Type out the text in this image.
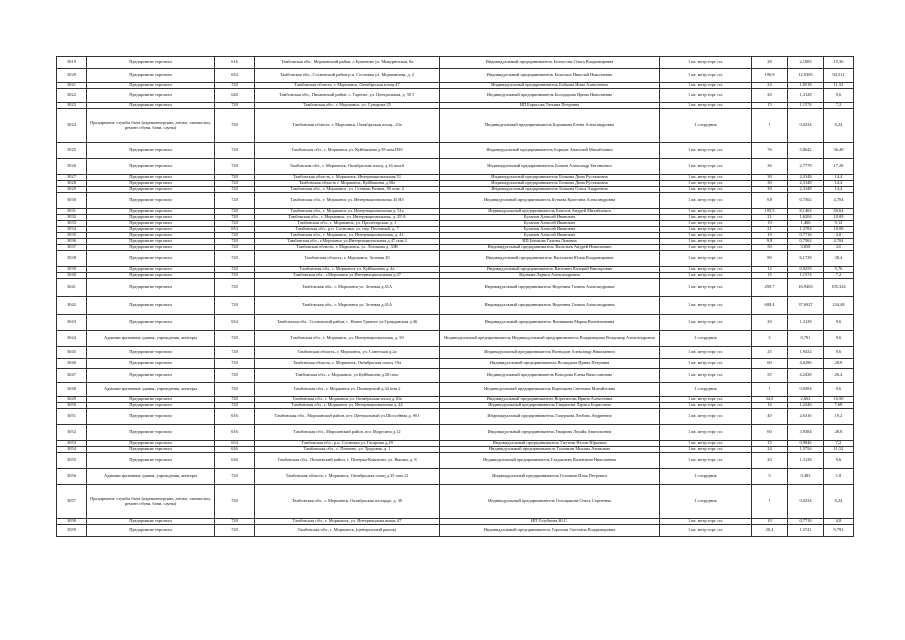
3019	Предприятие торговли	616	Тамбовская обл., Моршанский район, с.Буженово ул. Микуринская, 8а	Индивидуальный предприниматель Белоусова Ольга Владимировна	1 кв. метр торг. пл.	28	2,1005	15,36
3020	Предприятие торговли	654	Тамбовская обл., Сосновский район р.п. Сосновка ул. Моршанская, д. 2	Индивидуальный предприниматель Бельских Николай Николаевич	1 кв. метр торг. пл.	196,9	12,9305	94,512
3021	Предприятие торговли	720	Тамбовская область, г. Моршанск, Октябрьская площ.47	Индивидуальный предприниматель Бобкова Инна Алексеевна	1 кв. метр торг. пл.	24	1,8518	11,52
3022	Предприятие торговли	626	Тамбовская обл., Пичаевский район, с. Гарепье, ул. Центральная, д. 50 Г	Индивидуальный предприниматель Богодарова Ирина Николаевна	1 кв. метр торг. пл.	20	1,3128	9,6
3023	Предприятие торговли	720	Тамбовская обл., г. Моршанск, ул. Суворова 25	ИП Борисова Татьяна Петровна	1 кв. метр торг. пл.	15	1,1574	7,2
3024	Предприятие службы быта (парикмахерские, ателье, химчистки, ремонт обуви, бани, сауны)	720	Тамбовская область, г. Моршанск, Октябрьская площ., 23а	Индивидуальный предприниматель Боровкова Елена Александровна	1 сотрудник	1	0,0234	0,24
3025	Предприятие торговли	720	Тамбовская обл., г. Моршанск ул. Куйбышева д.58 пом.Н39	Индивидуальный предприниматель Борщев Анатолий Михайлович	1 кв. метр торг. пл.	76	5,8642	36,48
3026	Предприятие торговли	720	Тамбовская обл., г. Моршанск, Октябрьская площ, д.16 пом.6	Индивидуальный предприниматель Бочков Александр Евгеньевич	1 кв. метр торг. пл.	36	2,7778	17,28
3027	Предприятие торговли	720	Тамбовская область, г. Моршанск, Интернациональная 51	Индивидуальный предприниматель Бочкова Дина Рустамовна	1 кв. метр торг. пл.	30	2,3148	14,4
3028	Предприятие торговли	720	Тамбовская область г. Моршанск, Куйбышева д.58а	Индивидуальный предприниматель Бочкова Дина Рустамовна	1 кв. метр торг. пл.	30	2,3148	14,4
3029	Предприятие торговли	720	Тамбовская обл., г. Моршанск, ул. Стеньки Разина, 8б пом. 4	Индивидуальный предприниматель Бочкова Ольга Андреевна	1 кв. метр торг. пл.	30	2,3148	14,4
3030	Предприятие торговли	720	Тамбовская обл., г. Моршанск ул. Интернациональная 43 Н3	Индивидуальный предприниматель Буткова Кристина Александровна	1 кв. метр торг. пл.	9,8	0,7562	4,704
3031	Предприятие торговли	720	Тамбовская обл., г. Моршанск ул. Интернациональная д. 51а	Индивидуальный предприниматель Бекетов Андрей Михайлович	1 кв. метр торг. пл.	105,5	8,1404	50,64
3032	Предприятие торговли	720	Тамбовская обл., г. Моршанск, ул. Интернациональная, д. 29 А	Буланов Алексей Иванович	1 кв. метр торг. пл.	21	1,6204	10,08
3033	Предприятие торговли	720	Тамбовская обл., г. Моршанск, ул. Пролетарская, д. 1	Буланов Алексей Иванович	1 кв. метр торг. пл.	19	1,466	9,12
3034	Предприятие торговли	654	Тамбовская обл., р.п. Сосновка, ул. пер. Песчаный, д. 7	Буланов Алексей Иванович	1 кв. метр торг. пл.	21	1,3784	10,08
3035	Предприятие торговли	720	Тамбовская обл., г. Моршанск, ул. Интернациональная, д. 41	Буланов Алексей Иванович	1 кв. метр торг. пл.	10	0,7716	4,8
3036	Предприятие торговли	720	Тамбовская обл., г.Моршанск ул.Интернациональная д.47 пом.2	ИП Бычкова Галина Львовна	1 кв. метр торг. пл.	9,8	0,7562	4,704
3037	Предприятие торговли	720	Тамбовская область, г. Моршанск, ул. Лотикова д. 33В	Индивидуальный предприниматель Васильев Андрей Николаевич	1 кв. метр торг. пл.	50	3,858	24
3038	Предприятие торговли	720	Тамбовская область, г. Моршанск, Зеленая 29	Индивидуальный предприниматель Васильева Юлия Владимировна	1 кв. метр торг. пл.	80	6,1728	38,4
3039	Предприятие торговли	720	Тамбовская обл., г. Моршанск ул. Куйбышева д. 4а	Индивидуальный предприниматель Васюнин Валерий Викторович	1 кв. метр торг. пл.	12	0,9259	5,76
3040	Предприятие торговли	720	Тамбовская обл., г.Моршанск ул.Интернациональная д.47	Вдовкин Лариса Александровна	1 кв. метр торг. пл.	15	1,1574	7,2
3041	Предприятие торговли	720	Тамбовская обл., г. Моршанск ул. Зеленая д.41А	Индивидуальный предприниматель Веденина Галина Александровна	1 кв. метр торг. пл.	290,7	16,9403	105,324
3042	Предприятие торговли	720	Тамбовская обл., г. Моршанск ул. Зеленая д.41А	Индивидуальный предприниматель Веденина Галина Александровна	1 кв. метр торг. пл.	608,4	37,6927	234,48
3043	Предприятие торговли	654	Тамбовская обл., Сосновский район, с. Новое Грязное ул.Гражданская д.46	Индивидуальный предприниматель Вешнякова Мария Валентиновна	1 кв. метр торг. пл.	20	1,3128	9,6
3044	Административные здания, учреждения, конторы	720	Тамбовская обл., г. Моршанск, ул. Интернациональная, д. 50	Индивидуальный предприниматель Индивидуальный предприниматель Владимирова Владимир Александрович	1 сотрудник	3	0,791	9,6
3045	Предприятие торговли	720	Тамбовская область, г. Моршанск, ул. Советская д.2а	Индивидуальный предприниматель Воеводин Александр Николаевич	1 кв. метр торг. пл.	25	1,9432	9,6
3046	Предприятие торговли	720	Тамбовская область, г. Моршанск, Октябрьская площ. 19а	Индивидуальный предприниматель Волкодова Ирина Петровна	1 кв. метр торг. пл.	60	4,6296	28,8
3047	Предприятие торговли	720	Тамбовская обл., г. Моршанск, ул.Куйбышева д.58 пом.	Индивидуальный предприниматель Вопорова Елена Вячеславовна	1 кв. метр торг. пл.	55	4,2438	26,4
3048	Административные здания, учреждения, конторы	720	Тамбовская обл., г. Моршанск ул. Пионерский д.34 пом.2	Индивидуальный предприниматель Воронцова Светлана Михайловна	1 сотрудник	1	0,0494	0,6
3049	Предприятие торговли	720	Тамбовская обл., г. Моршанск ул. Октябрьская площ д.10а	Индивидуальный предприниматель Воротилова Ирина Алексеевна	1 кв. метр торг. пл.	34,5	2,662	16,56
3050	Предприятие торговли	720	Тамбовская обл., г. Моршанск ул. Интернациональная д. 44	Индивидуальный предприниматель Гаврилова Лариса Борисовна	1 кв. метр торг. пл.	16	1,2346	7,68
3051	Предприятие торговли	616	Тамбовская обл., Моршанский район, пгт. Центральный ул.Шоссейная д. 9б1	Индивидуальный предприниматель Гапуркова Любовь Андреевна	1 кв. метр торг. пл.	40	2,6316	19,2
3052	Предприятие торговли	616	Тамбовская обл., Моршанский район, пос Марусино д.12	Индивидуальный предприниматель Гнырина Лоуайя Анатольевна	1 кв. метр торг. пл.	60	3,9384	28,8
3053	Предприятие торговли	654	Тамбовская обл., р.п. Сосновка ул. Гагарина д.29	Индивидуальный предприниматель Гнутова Нелли Юрьевна	1 кв. метр торг. пл.	15	0,9846	7,2
3054	Предприятие торговли	626	Тамбовская обл., с. Пичаево, ул. Трудовая, д. 1	Индивидуальный предприниматель Головкин Михаил Азимович	1 кв. метр торг. пл.	24	1,5754	11,52
3055	Предприятие торговли	626	Тамбовская обл., Пичаевский район, с. Питерка-Капитово, ул. Вышка, д. 8	Индивидуальный предприниматель Гладышева Валентина Николаевна	1 кв. метр торг. пл.	20	1,3128	9,6
3056	Административные здания, учреждения, конторы	720	Тамбовская область, г. Моршанск, Октябрьская площ д.35 пом.12	Индивидуальный предприниматель Головков Илья Петрович	1 сотрудник	5	0,483	1,8
3057	Предприятие службы быта (парикмахерские, ателье, химчистки, ремонт обуви, бани, сауны)	720	Тамбовская обл., г. Моршанск, Октябрьская площадь, д. 30	Индивидуальный предприниматель Голощапова Ольга Сергеевна	1 сотрудник	1	0,0234	0,24
3058	Предприятие торговли	720	Тамбовская обл., г. Моршанск, ул. Интернациональная, 47	ИП Голубкова Ю.С.	1 кв. метр торг. пл.	10	0,7716	4,8
3059	Предприятие торговли	720	Тамбовская обл., г. Моршанск, (центральный рынок)	Индивидуальный предприниматель Горохова Светлана Владимировна	1 кв. метр торг. пл.	20,4	1,5741	9,792
